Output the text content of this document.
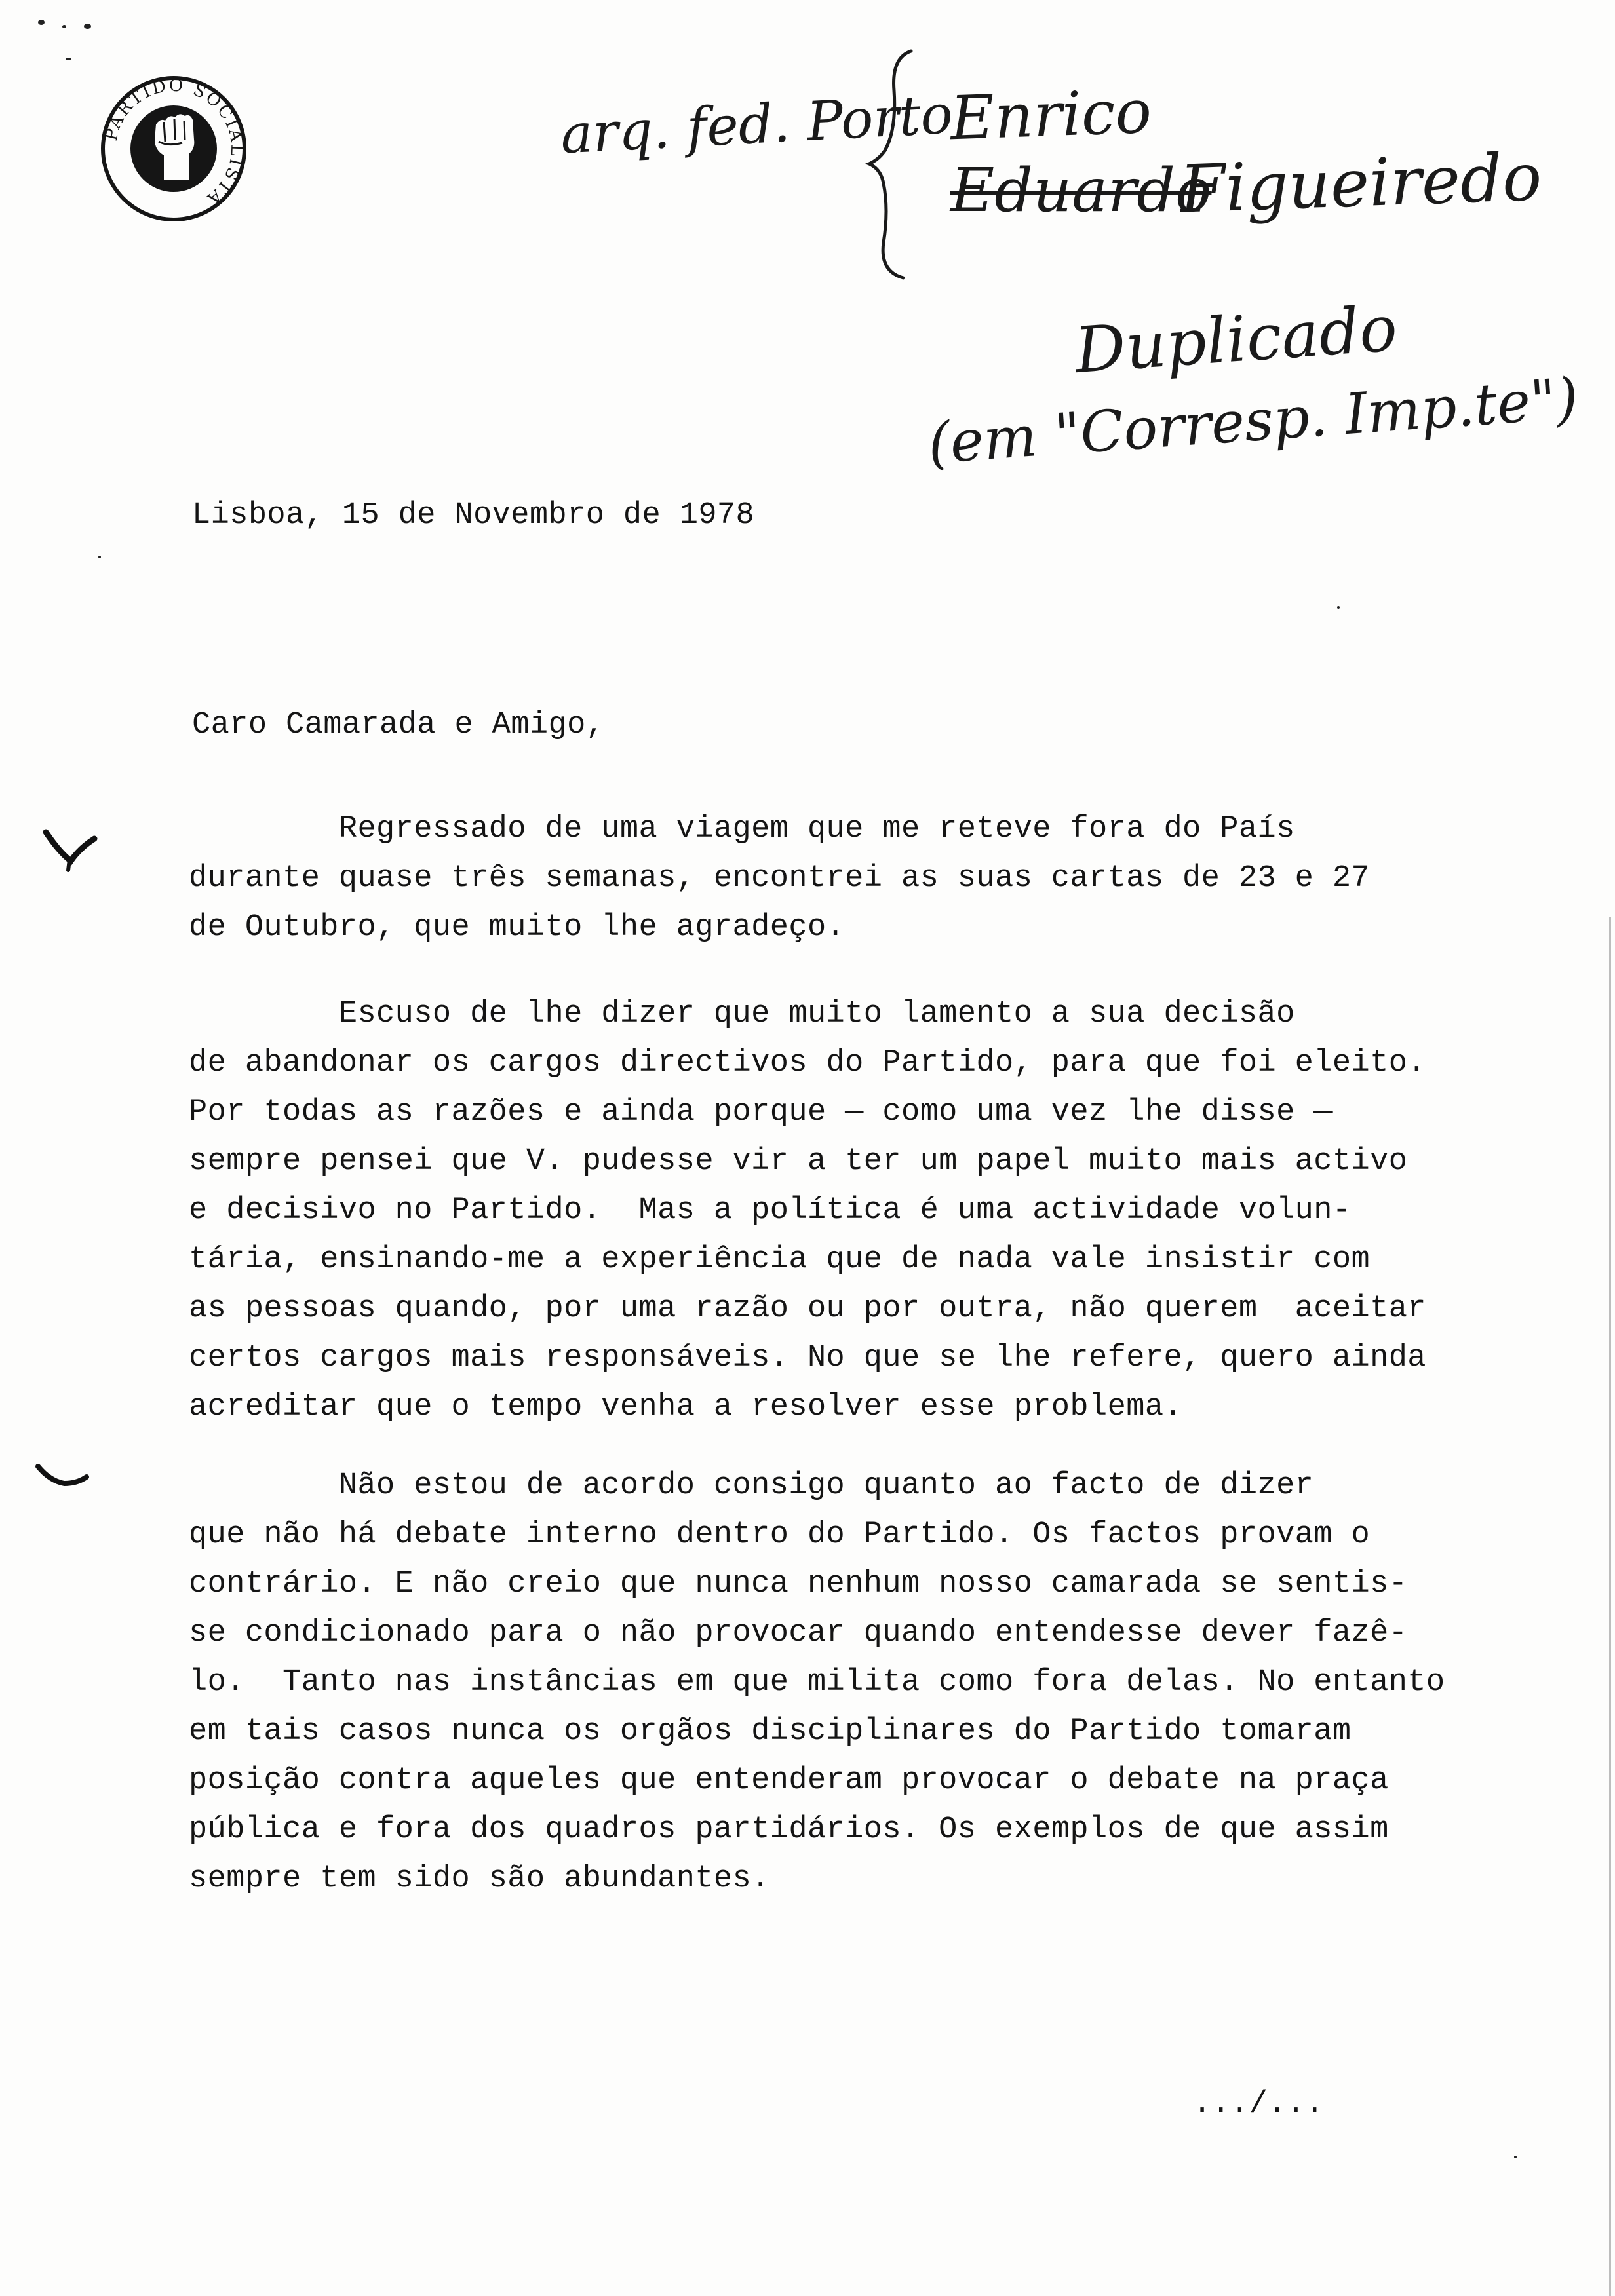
PARTIDO SOCIALISTA
arq. fed. Porto
Enrico
Eduardo
Figueiredo
Duplicado
(em "Corresp. Imp.te")
Lisboa, 15 de Novembro de 1978
Caro Camarada e Amigo,
Regressado de uma viagem que me reteve fora do País
durante quase três semanas, encontrei as suas cartas de 23 e 27
de Outubro, que muito lhe agradeço.
Escuso de lhe dizer que muito lamento a sua decisão
de abandonar os cargos directivos do Partido, para que foi eleito.
Por todas as razões e ainda porque — como uma vez lhe disse —
sempre pensei que V. pudesse vir a ter um papel muito mais activo
e decisivo no Partido.  Mas a política é uma actividade volun-
tária, ensinando-me a experiência que de nada vale insistir com
as pessoas quando, por uma razão ou por outra, não querem  aceitar
certos cargos mais responsáveis. No que se lhe refere, quero ainda
acreditar que o tempo venha a resolver esse problema.
Não estou de acordo consigo quanto ao facto de dizer
que não há debate interno dentro do Partido. Os factos provam o
contrário. E não creio que nunca nenhum nosso camarada se sentis-
se condicionado para o não provocar quando entendesse dever fazê-
lo.  Tanto nas instâncias em que milita como fora delas. No entanto
em tais casos nunca os orgãos disciplinares do Partido tomaram
posição contra aqueles que entenderam provocar o debate na praça
pública e fora dos quadros partidários. Os exemplos de que assim
sempre tem sido são abundantes.
.../...
